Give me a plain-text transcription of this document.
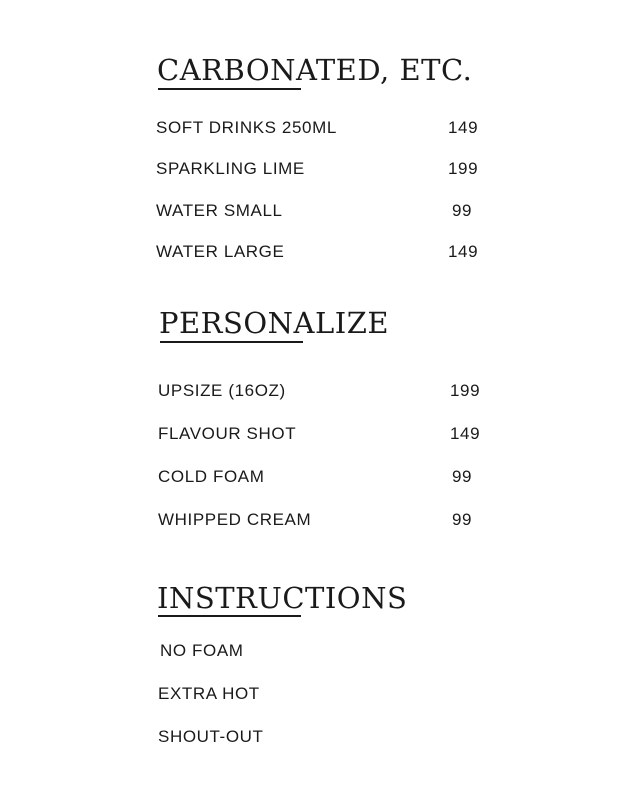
CARBONATED, ETC.
SOFT DRINKS 250ML	149
SPARKLING LIME	199
WATER SMALL	99
WATER LARGE	149
PERSONALIZE
UPSIZE (16OZ)	199
FLAVOUR SHOT	149
COLD FOAM	99
WHIPPED CREAM	99
INSTRUCTIONS
NO FOAM
EXTRA HOT
SHOUT-OUT
